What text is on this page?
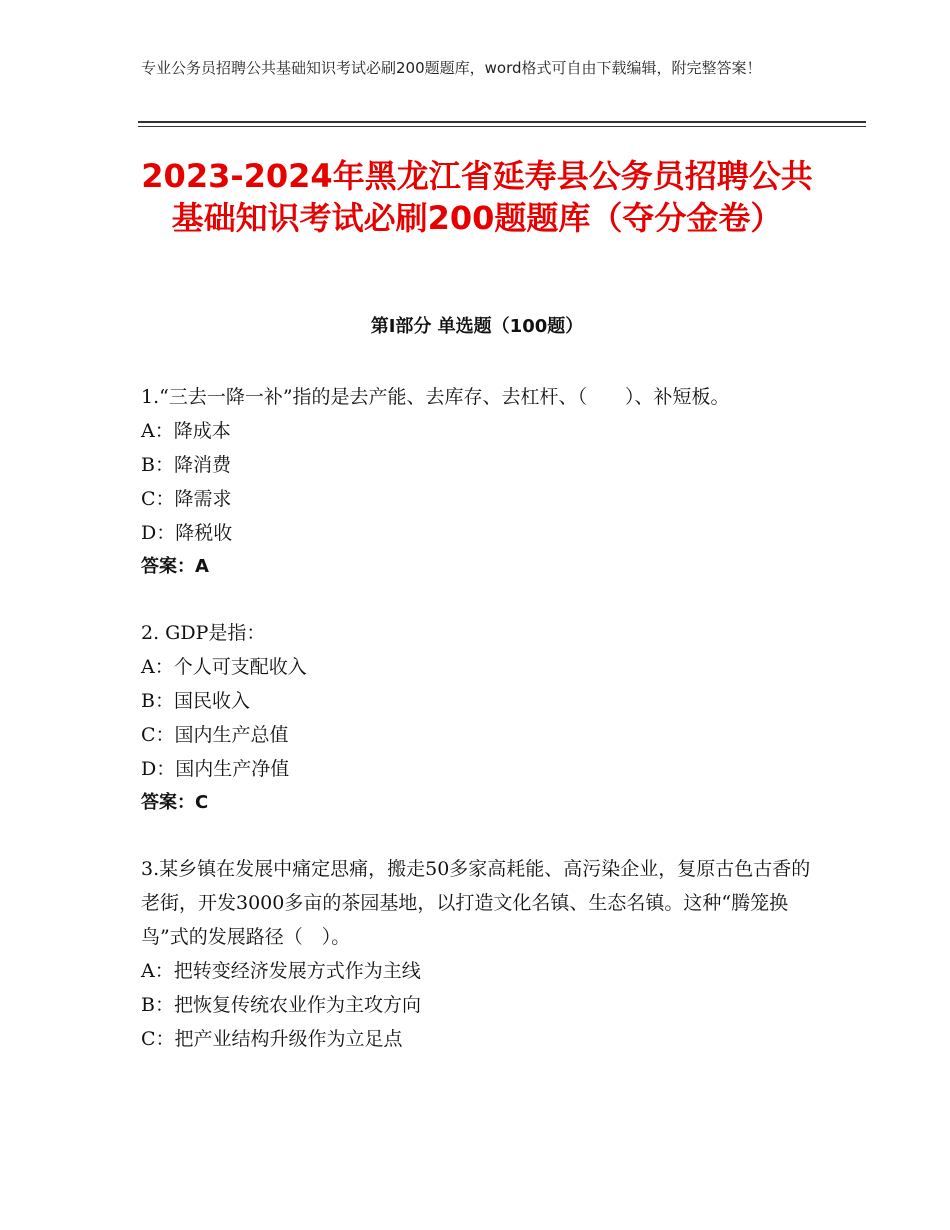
专业公务员招聘公共基础知识考试必刷200题题库，word格式可自由下载编辑，附完整答案！
2023-2024年黑龙江省延寿县公务员招聘公共基础知识考试必刷200题题库（夺分金卷）
第Ⅰ部分 单选题（100题）
1.“三去一降一补”指的是去产能、去库存、去杠杆、（　　）、补短板。
A：降成本
B：降消费
C：降需求
D：降税收
答案：A
2. GDP是指：
A：个人可支配收入
B：国民收入
C：国内生产总值
D：国内生产净值
答案：C
3.某乡镇在发展中痛定思痛，搬走50多家高耗能、高污染企业，复原古色古香的老街，开发3000多亩的茶园基地，以打造文化名镇、生态名镇。这种“腾笼换鸟”式的发展路径（　）。
A：把转变经济发展方式作为主线
B：把恢复传统农业作为主攻方向
C：把产业结构升级作为立足点
